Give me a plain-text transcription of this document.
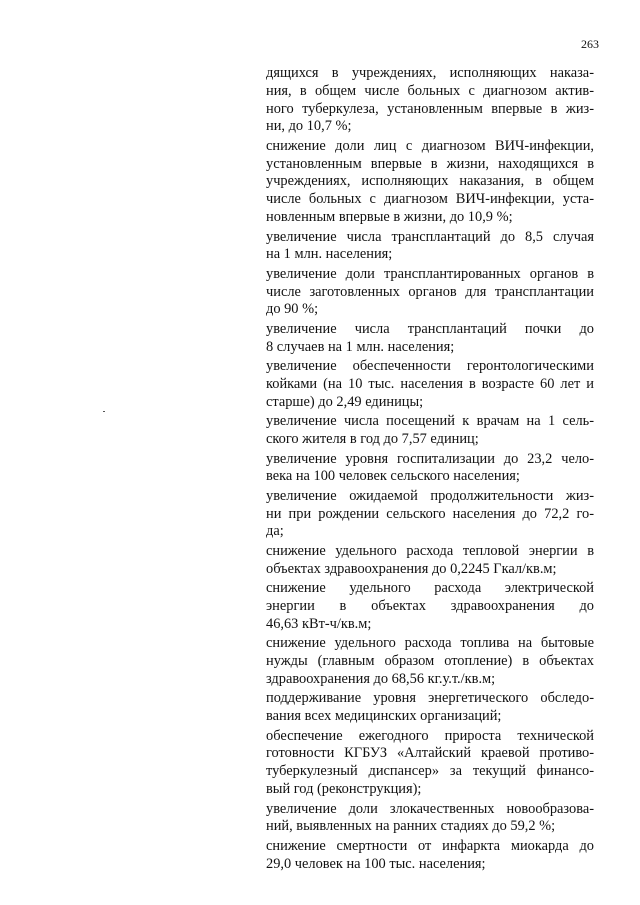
263
дящихся в учреждениях, исполняющих наказа-
ния, в общем числе больных с диагнозом актив-
ного туберкулеза, установленным впервые в жиз-
ни, до 10,7 %;
снижение доли лиц с диагнозом ВИЧ-инфекции,
установленным впервые в жизни, находящихся в
учреждениях, исполняющих наказания, в общем
числе больных с диагнозом ВИЧ-инфекции, уста-
новленным впервые в жизни, до 10,9 %;
увеличение числа трансплантаций до 8,5 случая
на 1 млн. населения;
увеличение доли трансплантированных органов в
числе заготовленных органов для трансплантации
до 90 %;
увеличение числа трансплантаций почки до
8 случаев на 1 млн. населения;
увеличение обеспеченности геронтологическими
койками (на 10 тыс. населения в возрасте 60 лет и
старше) до 2,49 единицы;
увеличение числа посещений к врачам на 1 сель-
ского жителя в год до 7,57 единиц;
увеличение уровня госпитализации до 23,2 чело-
века на 100 человек сельского населения;
увеличение ожидаемой продолжительности жиз-
ни при рождении сельского населения до 72,2 го-
да;
снижение удельного расхода тепловой энергии в
объектах здравоохранения до 0,2245 Гкал/кв.м;
снижение удельного расхода электрической
энергии в объектах здравоохранения до
46,63 кВт-ч/кв.м;
снижение удельного расхода топлива на бытовые
нужды (главным образом отопление) в объектах
здравоохранения до 68,56 кг.у.т./кв.м;
поддерживание уровня энергетического обследо-
вания всех медицинских организаций;
обеспечение ежегодного прироста технической
готовности КГБУЗ «Алтайский краевой противо-
туберкулезный диспансер» за текущий финансо-
вый год (реконструкция);
увеличение доли злокачественных новообразова-
ний, выявленных на ранних стадиях до 59,2 %;
снижение смертности от инфаркта миокарда до
29,0 человек на 100 тыс. населения;
